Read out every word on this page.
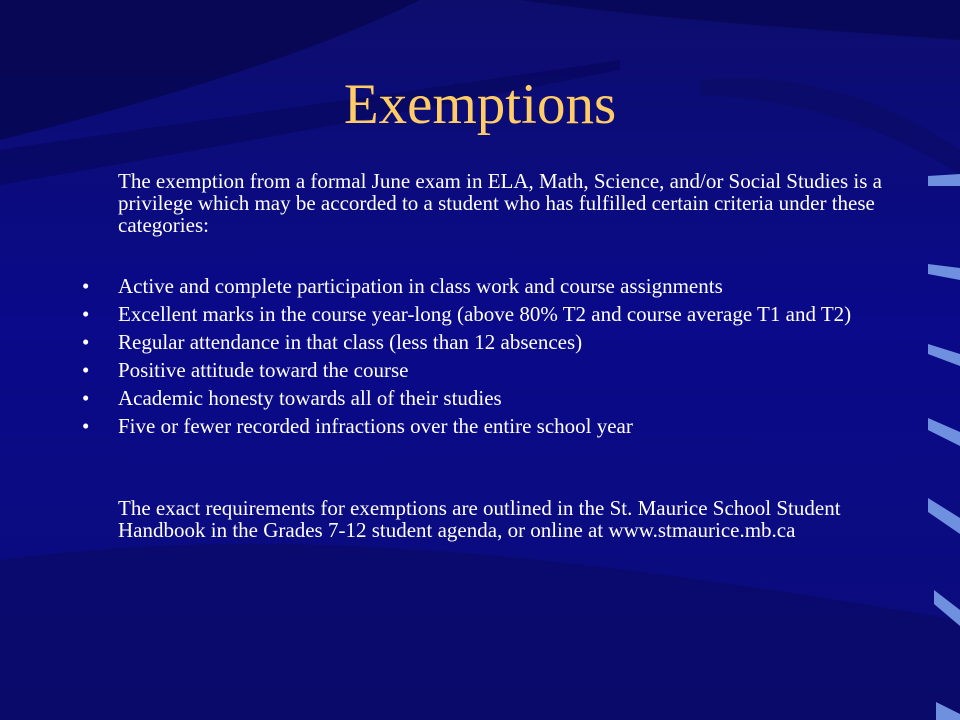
Exemptions
The exemption from a formal June exam in ELA, Math, Science, and/or Social Studies is a privilege which may be accorded to a student who has fulfilled certain criteria under these categories:
•	Active and complete participation in class work and course assignments
•	Excellent marks in the course year-long (above 80% T2 and course average T1 and T2)
•	Regular attendance in that class (less than 12 absences)
•	Positive attitude toward the course
•	Academic honesty towards all of their studies
•	Five or fewer recorded infractions over the entire school year
The exact requirements for exemptions are outlined in the St. Maurice School Student Handbook in the Grades 7-12 student agenda, or online at www.stmaurice.mb.ca
